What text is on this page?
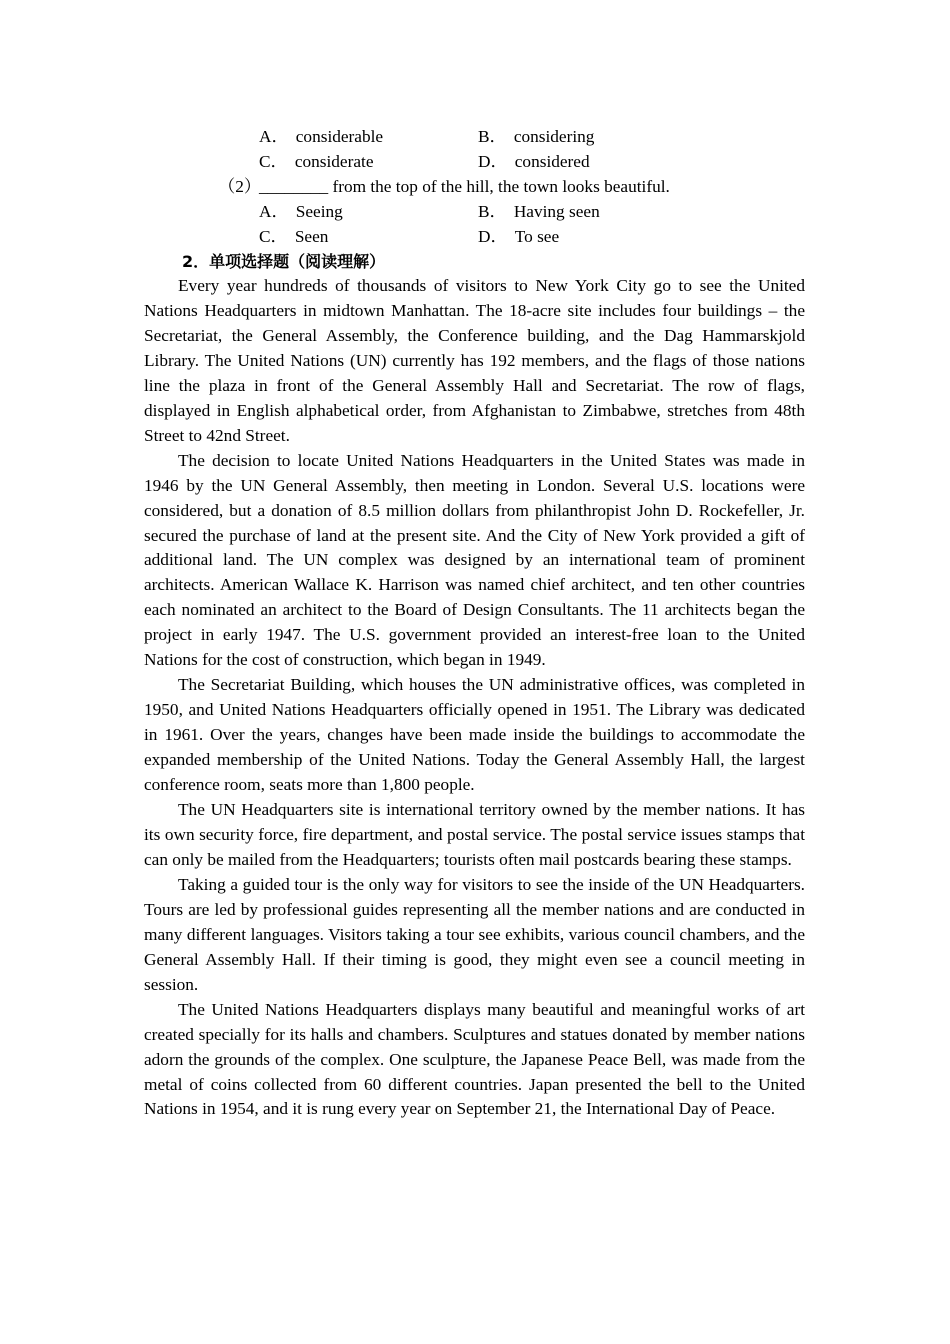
A． considerable	B． considering
C． considerate	D． considered
（2）
________ from the top of the hill, the town looks beautiful.
A． Seeing	B． Having seen
C． Seen	D． To see
2．单项选择题（阅读理解）

Every year hundreds of thousands of visitors to New York City go to see the United Nations Headquarters in midtown Manhattan. The 18-acre site includes four buildings – the Secretariat, the General Assembly, the Conference building, and the Dag Hammarskjold Library. The United Nations (UN) currently has 192 members, and the flags of those nations line the plaza in front of the General Assembly Hall and Secretariat. The row of flags, displayed in English alphabetical order, from Afghanistan to Zimbabwe, stretches from 48th Street to 42nd Street.

The decision to locate United Nations Headquarters in the United States was made in 1946 by the UN General Assembly, then meeting in London. Several U.S. locations were considered, but a donation of 8.5 million dollars from philanthropist John D. Rockefeller, Jr. secured the purchase of land at the present site. And the City of New York provided a gift of additional land. The UN complex was designed by an international team of prominent architects. American Wallace K. Harrison was named chief architect, and ten other countries each nominated an architect to the Board of Design Consultants. The 11 architects began the project in early 1947. The U.S. government provided an interest-free loan to the United Nations for the cost of construction, which began in 1949.

The Secretariat Building, which houses the UN administrative offices, was completed in 1950, and United Nations Headquarters officially opened in 1951. The Library was dedicated in 1961. Over the years, changes have been made inside the buildings to accommodate the expanded membership of the United Nations. Today the General Assembly Hall, the largest conference room, seats more than 1,800 people.

The UN Headquarters site is international territory owned by the member nations. It has its own security force, fire department, and postal service. The postal service issues stamps that can only be mailed from the Headquarters; tourists often mail postcards bearing these stamps.

Taking a guided tour is the only way for visitors to see the inside of the UN Headquarters. Tours are led by professional guides representing all the member nations and are conducted in many different languages. Visitors taking a tour see exhibits, various council chambers, and the General Assembly Hall. If their timing is good, they might even see a council meeting in session.

The United Nations Headquarters displays many beautiful and meaningful works of art created specially for its halls and chambers. Sculptures and statues donated by member nations adorn the grounds of the complex. One sculpture, the Japanese Peace Bell, was made from the metal of coins collected from 60 different countries. Japan presented the bell to the United Nations in 1954, and it is rung every year on September 21, the International Day of Peace.
